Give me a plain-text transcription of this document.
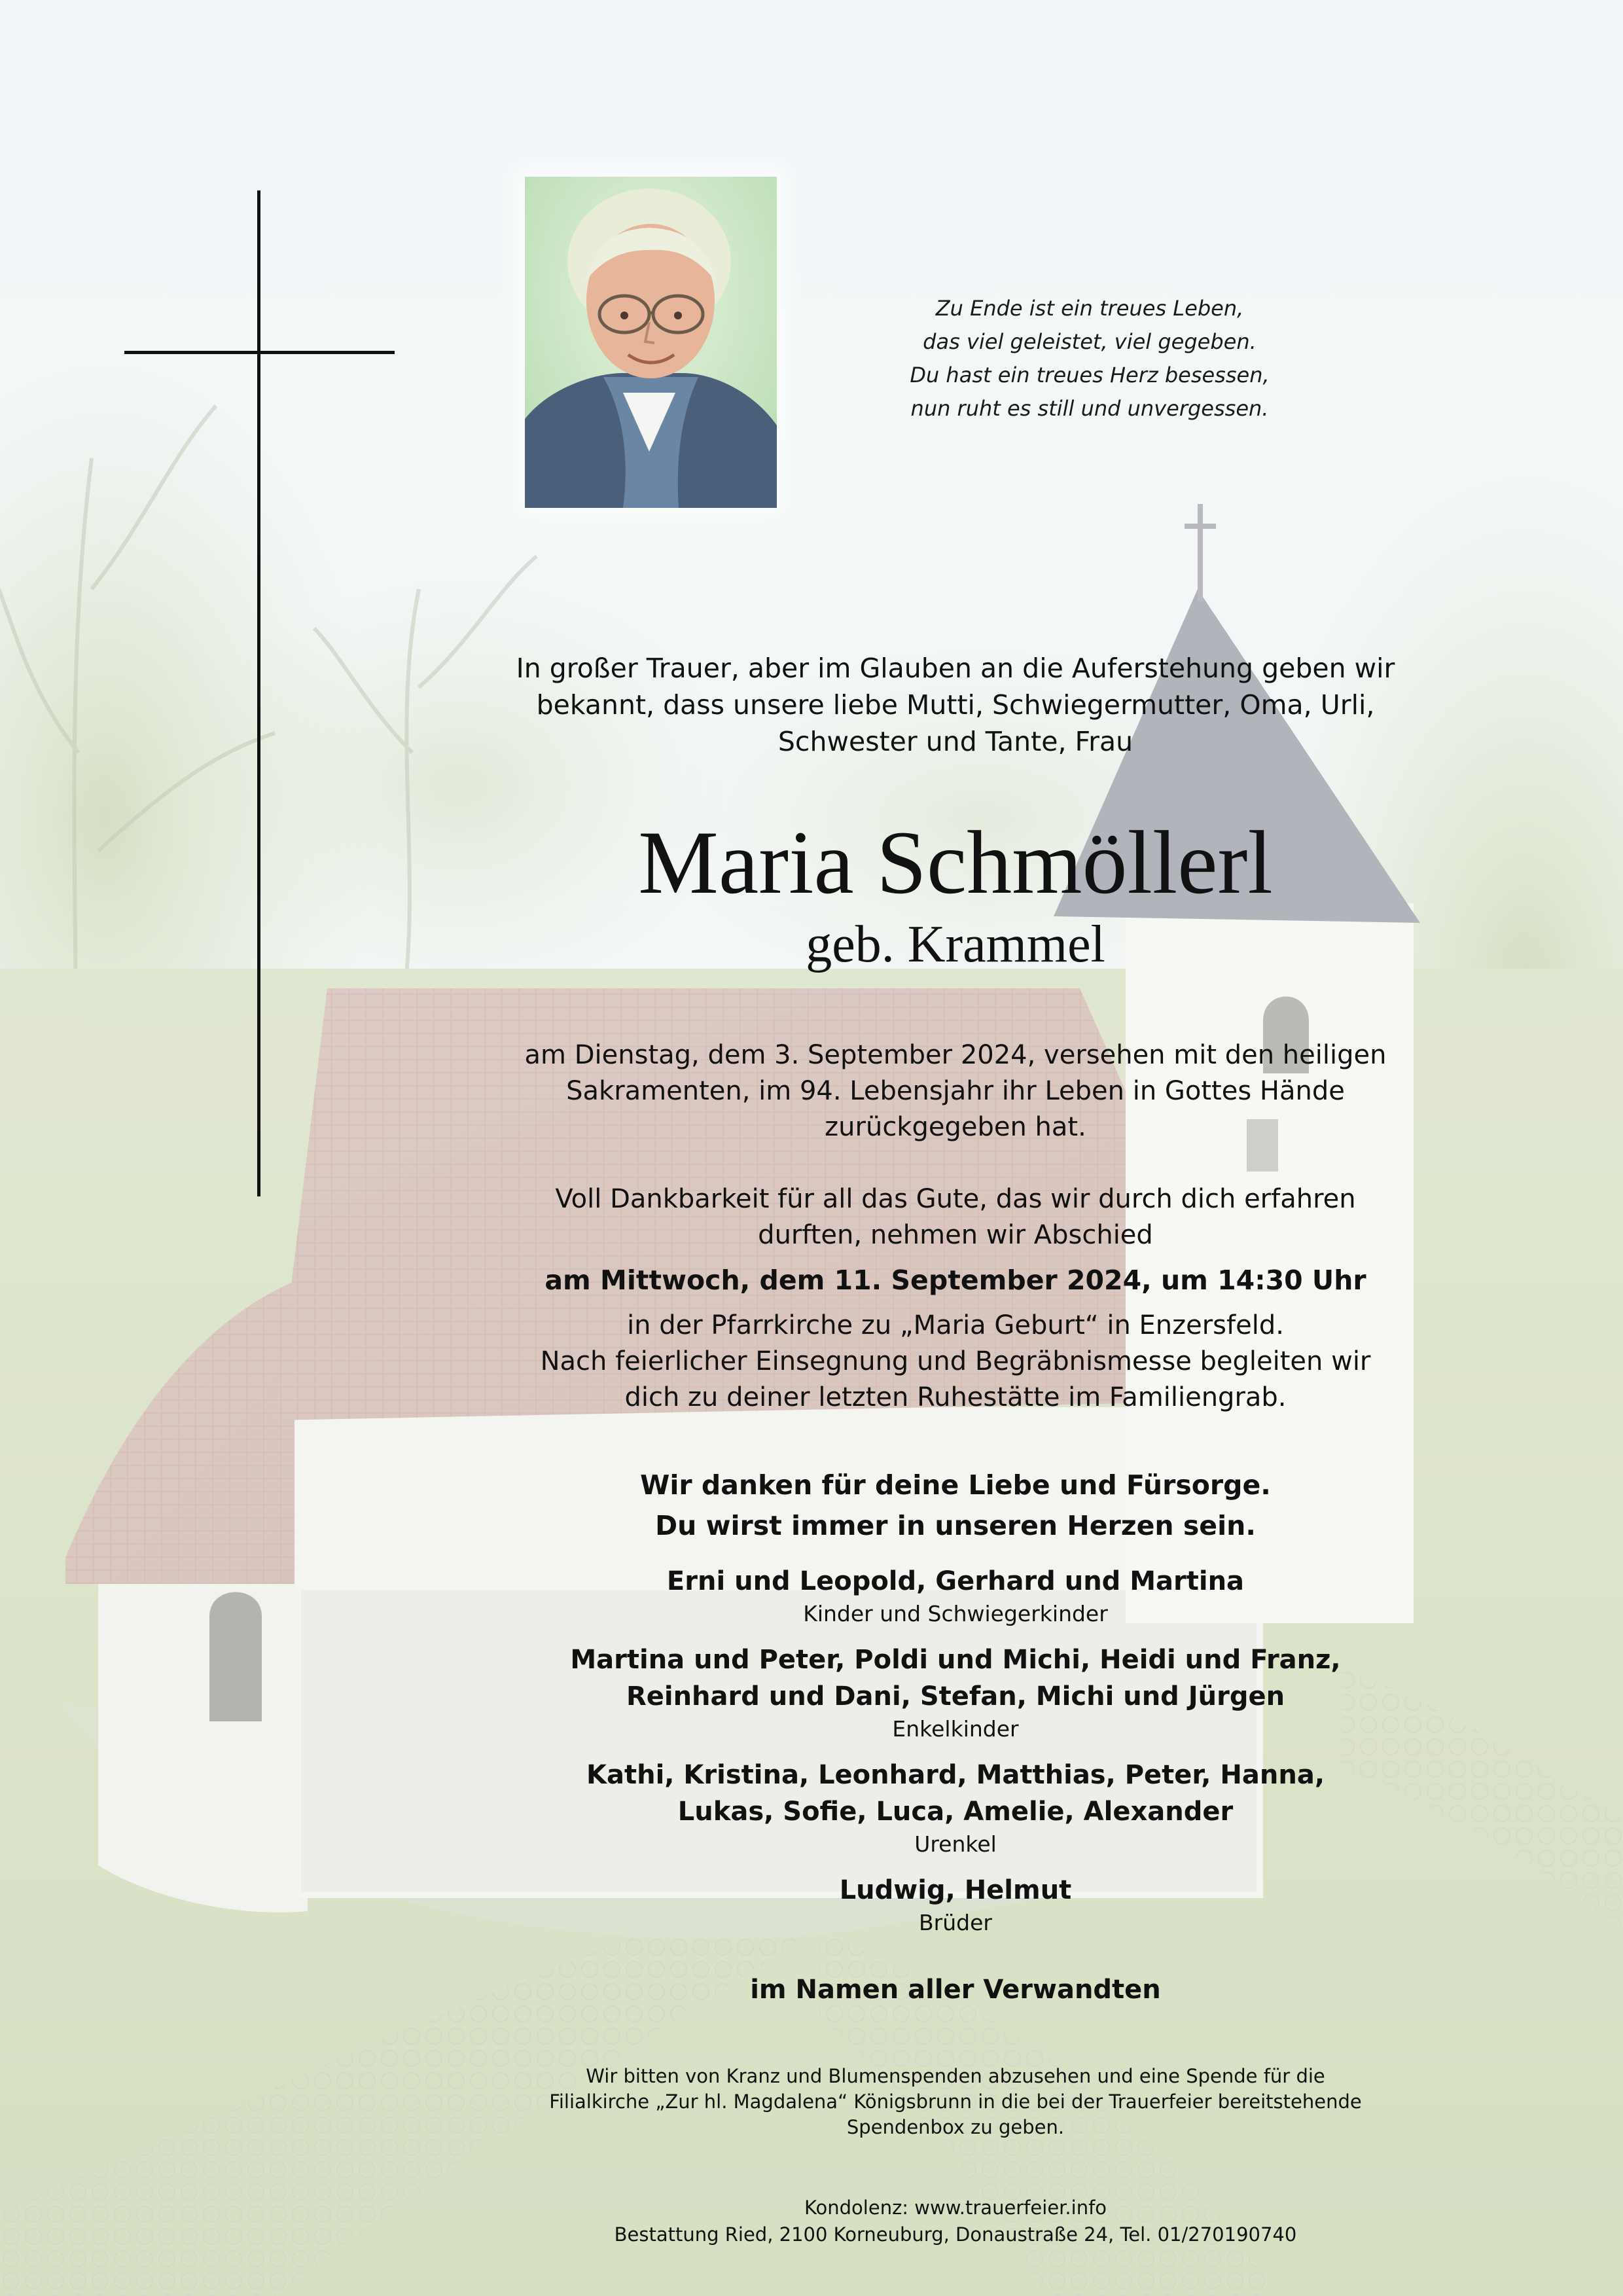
Zu Ende ist ein treues Leben,
das viel geleistet, viel gegeben.
Du hast ein treues Herz besessen,
nun ruht es still und unvergessen.
In großer Trauer, aber im Glauben an die Auferstehung geben wir
bekannt, dass unsere liebe Mutti, Schwiegermutter, Oma, Urli,
Schwester und Tante, Frau
Maria Schmöllerl
geb. Krammel
am Dienstag, dem 3. September 2024, versehen mit den heiligen
Sakramenten, im 94. Lebensjahr ihr Leben in Gottes Hände
zurückgegeben hat.
Voll Dankbarkeit für all das Gute, das wir durch dich erfahren
durften, nehmen wir Abschied
am Mittwoch, dem 11. September 2024, um 14:30 Uhr
in der Pfarrkirche zu „Maria Geburt“ in Enzersfeld.
Nach feierlicher Einsegnung und Begräbnismesse begleiten wir
dich zu deiner letzten Ruhestätte im Familiengrab.
Wir danken für deine Liebe und Fürsorge.
Du wirst immer in unseren Herzen sein.
Erni und Leopold, Gerhard und Martina
Kinder und Schwiegerkinder
Martina und Peter, Poldi und Michi, Heidi und Franz,
Reinhard und Dani, Stefan, Michi und Jürgen
Enkelkinder
Kathi, Kristina, Leonhard, Matthias, Peter, Hanna,
Lukas, Sofie, Luca, Amelie, Alexander
Urenkel
Ludwig, Helmut
Brüder
im Namen aller Verwandten
Wir bitten von Kranz und Blumenspenden abzusehen und eine Spende für die
Filialkirche „Zur hl. Magdalena“ Königsbrunn in die bei der Trauerfeier bereitstehende
Spendenbox zu geben.
Kondolenz: www.trauerfeier.info
Bestattung Ried, 2100 Korneuburg, Donaustraße 24, Tel. 01/270190740
